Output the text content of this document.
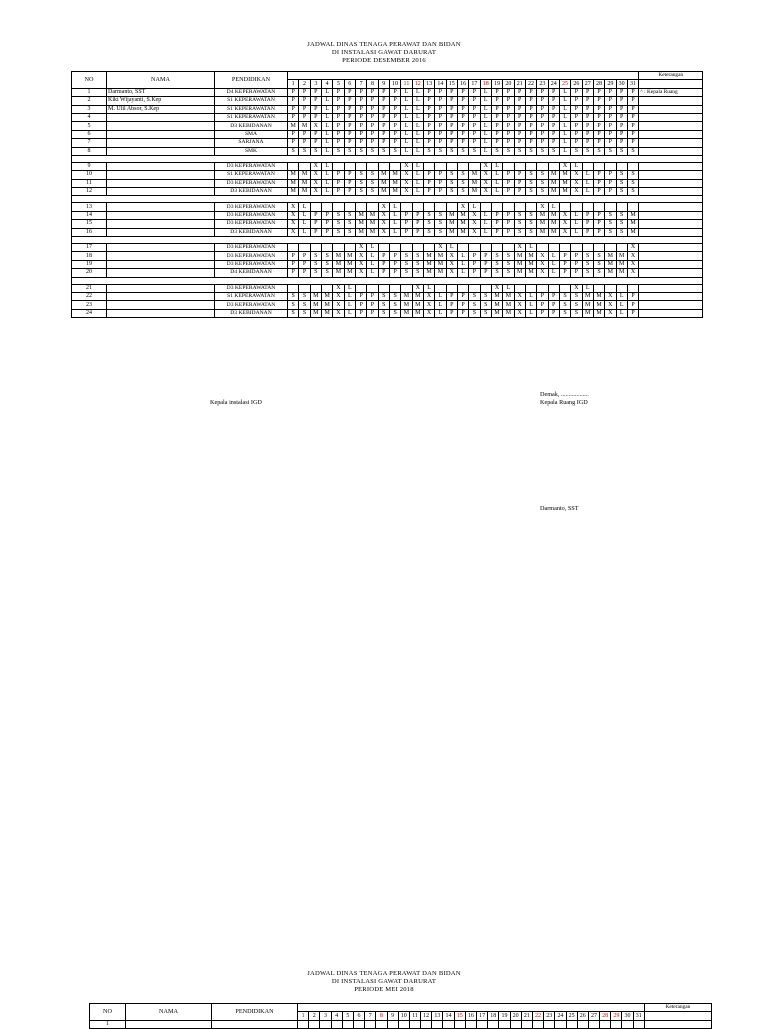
JADWAL DINAS TENAGA PERAWAT DAN BIDAN
DI INSTALASI GAWAT DARURAT
PERIODE DESEMBER 2016
NO	NAMA	PENDIDIKAN																																Keterangan
			1	2	3	4	5	6	7	8	9	10	11	12	13	14	15	16	17	18	19	20	21	22	23	24	25	26	27	28	29	30	31	
1	Darmanto, SST	D4 KEPERAWATAN	P	P	P	L	P	P	P	P	P	P	L	L	P	P	P	P	P	L	P	P	P	P	P	P	L	P	P	P	P	P	P	^ : Kepala Ruang
2	Kiki Wijayanti, S.Kep	S1 KEPERAWATAN	P	P	P	L	P	P	P	P	P	P	L	L	P	P	P	P	P	L	P	P	P	P	P	P	L	P	P	P	P	P	P	
3	M. Ulil Absor, S.Kep	S1 KEPERAWATAN	P	P	P	L	P	P	P	P	P	P	L	L	P	P	P	P	P	L	P	P	P	P	P	P	L	P	P	P	P	P	P	
4		S1 KEPERAWATAN	P	P	P	L	P	P	P	P	P	P	L	L	P	P	P	P	P	L	P	P	P	P	P	P	L	P	P	P	P	P	P	
5		D3 KEBIDANAN	M	M	X	L	P	P	P	P	P	P	L	L	P	P	P	P	P	L	P	P	P	P	P	P	L	P	P	P	P	P	P	
6		SMA	P	P	P	L	P	P	P	P	P	P	L	L	P	P	P	P	P	L	P	P	P	P	P	P	L	P	P	P	P	P	P	
7		SARJANA	P	P	P	L	P	P	P	P	P	P	L	L	P	P	P	P	P	L	P	P	P	P	P	P	L	P	P	P	P	P	P	
8		SMK	S	S	S	L	S	S	S	S	S	S	L	L	S	S	S	S	S	L	S	S	S	S	S	S	L	S	S	S	S	S	S	

9		D3 KEPERAWATAN			X	L							X	L						X	L						X	L						
10		S1 KEPERAWATAN	M	M	X	L	P	P	S	S	M	M	X	L	P	P	S	S	M	X	L	P	P	S	S	M	M	X	L	P	P	S	S	
11		D3 KEPERAWATAN	M	M	X	L	P	P	S	S	M	M	X	L	P	P	S	S	M	X	L	P	P	S	S	M	M	X	L	P	P	S	S	
12		D3 KEBIDANAN	M	M	X	L	P	P	S	S	M	M	X	L	P	P	S	S	M	X	L	P	P	S	S	M	M	X	L	P	P	S	S	

13		D3 KEPERAWATAN	X	L							X	L						X	L						X	L								
14		D3 KEPERAWATAN	X	L	P	P	S	S	M	M	X	L	P	P	S	S	M	M	X	L	P	P	S	S	M	M	X	L	P	P	S	S	M	
15		D3 KEPERAWATAN	X	L	P	P	S	S	M	M	X	L	P	P	S	S	M	M	X	L	P	P	S	S	M	M	X	L	P	P	S	S	M	
16		D3 KEBIDANAN	X	L	P	P	S	S	M	M	X	L	P	P	S	S	M	M	X	L	P	P	S	S	M	M	X	L	P	P	S	S	M	

17		D3 KEPERAWATAN							X	L						X	L						X	L									X	
18		D3 KEPERAWATAN	P	P	S	S	M	M	X	L	P	P	S	S	M	M	X	L	P	P	S	S	M	M	X	L	P	P	S	S	M	M	X	
19		D3 KEPERAWATAN	P	P	S	S	M	M	X	L	P	P	S	S	M	M	X	L	P	P	S	S	M	M	X	L	P	P	S	S	M	M	X	
20		D4 KEBIDANAN	P	P	S	S	M	M	X	L	P	P	S	S	M	M	X	L	P	P	S	S	M	M	X	L	P	P	S	S	M	M	X	

21		D3 KEPERAWATAN					X	L						X	L						X	L						X	L					
22		S1 KEPERAWATAN	S	S	M	M	X	L	P	P	S	S	M	M	X	L	P	P	S	S	M	M	X	L	P	P	S	S	M	M	X	L	P	
23		D3 KEPERAWATAN	S	S	M	M	X	L	P	P	S	S	M	M	X	L	P	P	S	S	M	M	X	L	P	P	S	S	M	M	X	L	P	
24		D3 KEBIDANAN	S	S	M	M	X	L	P	P	S	S	M	M	X	L	P	P	S	S	M	M	X	L	P	P	S	S	M	M	X	L	P	
Demak, ..................
Kepala instalasi IGD	Kepala Ruang IGD
Darmanto, SST
JADWAL DINAS TENAGA PERAWAT DAN BIDAN
DI INSTALASI GAWAT DARURAT
PERIODE MEI 2018
NO	NAMA	PENDIDIKAN																																Keterangan
			1	2	3	4	5	6	7	8	9	10	11	12	13	14	15	16	17	18	19	20	21	22	23	24	25	26	27	28	29	30	31	
1																																		
